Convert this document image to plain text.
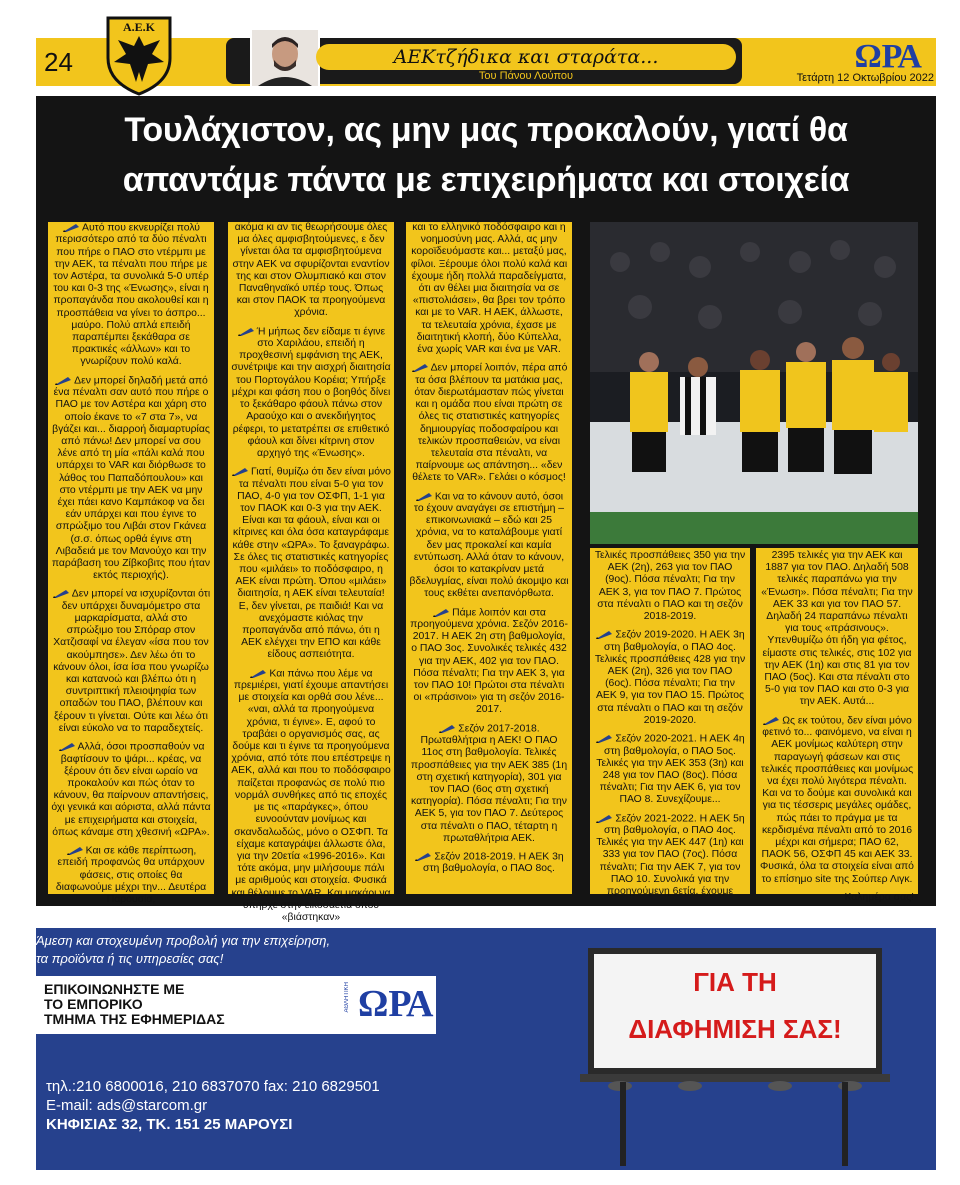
24
Α.Ε.Κ
ΑΕΚτζήδικα και σταράτα...
Του Πάνου Λούπου
ΩΡΑ
Τετάρτη 12 Οκτωβρίου 2022
Τουλάχιστον, ας μην μας προκαλούν, γιατί θα
απαντάμε πάντα με επιχειρήματα και στοιχεία

Αυτό που εκνευρίζει πολύ περισσότερο από τα δύο πέναλτι που πήρε ο ΠΑΟ στο ντέρμπι με την ΑΕΚ, τα πέναλτι που πήρε με τον Αστέρα, τα συνολικά 5-0 υπέρ του και 0-3 της «Ένωσης», είναι η προπαγάνδα που ακολουθεί και η προσπάθεια να γίνει το άσπρο... μαύρο. Πολύ απλά επειδή παραπέμπει ξεκάθαρα σε πρακτικές «άλλων» και το γνωρίζουν πολύ καλά.

Δεν μπορεί δηλαδή μετά από ένα πέναλτι σαν αυτό που πήρε ο ΠΑΟ με τον Αστέρα και χάρη στο οποίο έκανε το «7 στα 7», να βγάζει και... διαρροή διαμαρτυρίας από πάνω! Δεν μπορεί να σου λένε από τη μία «πάλι καλά που υπάρχει το VAR και διόρθωσε το λάθος του Παπαδόπουλου» και στο ντέρμπι με την ΑΕΚ να μην έχει πάει κανο Καμπάκοφ να δει εάν υπάρχει και που έγινε το σπρώξιμο του Λιβάι στον Γκάνεα (σ.σ. όπως ορθά έγινε στη Λιβαδειά με τον Μανούχο και την παράβαση του Ζίβκοβιτς που ήταν εκτός περιοχής).

Δεν μπορεί να ισχυρίζονται ότι δεν υπάρχει δυναμόμετρο στα μαρκαρίσματα, αλλά στο σπρώξιμο του Σπόραρ στον Χατζισαφί να έλεγαν «ίσα που τον ακούμπησε». Δεν λέω ότι το κάνουν όλοι, ίσα ίσα που γνωρίζω και κατανοώ και βλέπω ότι η συντριπτική πλειοψηφία των οπαδών του ΠΑΟ, βλέπουν και ξέρουν τι γίνεται. Ούτε και λέω ότι είναι εύκολο να το παραδεχτείς.

Αλλά, όσοι προσπαθούν να βαφτίσουν το ψάρι... κρέας, να ξέρουν ότι δεν είναι ωραίο να προκαλούν και πώς όταν το κάνουν, θα παίρνουν απαντήσεις, όχι γενικά και αόριστα, αλλά πάντα με επιχειρήματα και στοιχεία, όπως κάναμε στη χθεσινή «ΩΡΑ».

Και σε κάθε περίπτωση, επειδή προφανώς θα υπάρχουν φάσεις, στις οποίες θα διαφωνούμε μέχρι την... Δευτέρα Παρουσία,

ακόμα κι αν τις θεωρήσουμε όλες μα όλες αμφισβητούμενες, ε δεν γίνεται όλα τα αμφισβητούμενα στην ΑΕΚ να σφυρίζονται εναντίον της και στον Ολυμπιακό και στον Παναθηναϊκό υπέρ τους. Όπως και στον ΠΑΟΚ τα προηγούμενα χρόνια.

Ή μήπως δεν είδαμε τι έγινε στο Χαριλάου, επειδή η προχθεσινή εμφάνιση της ΑΕΚ, συνέτριψε και την αισχρή διαιτησία του Πορτογάλου Κορέια; Υπήρξε μέχρι και φάση που ο βοηθός δίνει το ξεκάθαρο φάουλ πάνω στον Αραούχο και ο ανεκδιήγητος ρέφερι, το μετατρέπει σε επιθετικό φάουλ και δίνει κίτρινη στον αρχηγό της «Ένωσης».

Γιατί, θυμίζω ότι δεν είναι μόνο τα πέναλτι που είναι 5-0 για τον ΠΑΟ, 4-0 για τον ΟΣΦΠ, 1-1 για τον ΠΑΟΚ και 0-3 για την ΑΕΚ. Είναι και τα φάουλ, είναι και οι κίτρινες και όλα όσα καταγράφαμε κάθε στην «ΩΡΑ». Το ξαναγράφω. Σε όλες τις στατιστικές κατηγορίες που «μιλάει» το ποδόσφαιρο, η ΑΕΚ είναι πρώτη. Όπου «μιλάει» διαιτησία, η ΑΕΚ είναι τελευταία! Ε, δεν γίνεται, ρε παιδιά! Και να ανεχόμαστε κιόλας την προπαγάνδα από πάνω, ότι η ΑΕΚ ελέγχει την ΕΠΟ και κάθε είδους ασπειότητα.

Και πάνω που λέμε να πρεμιέρει, γιατί έχουμε απαντήσει με στοιχεία και ορθά σου λένε... «ναι, αλλά τα προηγούμενα χρόνια, τι έγινε». Ε, αφού το τραβάει ο οργανισμός σας, ας δούμε και τι έγινε τα προηγούμενα χρόνια, από τότε που επέστρεψε η ΑΕΚ, αλλά και που το ποδόσφαιρο παίζεται προφανώς σε πολύ πιο νορμάλ συνθήκες από τις εποχές με τις «παράγκες», όπου ευνοούνταν μονίμως και σκανδαλωδώς, μόνο ο ΟΣΦΠ. Τα είχαμε καταγράψει άλλωστε όλα, για την 20ετία «1996-2016». Και τότε ακόμα, μην μιλήσουμε πάλι με αριθμούς και στοιχεία. Φυσικά και θέλουμε το VAR. Και μακάρι να υπήρχε στην εικοσαετία όπου «βιάστηκαν»

και το ελληνικό ποδόσφαιρο και η νοημοσύνη μας. Αλλά, ας μην κοροϊδευόμαστε και... μεταξύ μας, φίλοι. Ξέρουμε όλοι πολύ καλά και έχουμε ήδη πολλά παραδείγματα, ότι αν θέλει μια διαιτησία να σε «πιστολιάσει», θα βρει τον τρόπο και με το VAR. Η ΑΕΚ, άλλωστε, τα τελευταία χρόνια, έχασε με διαιτητική κλοπή, δύο Κύπελλα, ένα χωρίς VAR και ένα με VAR.

Δεν μπορεί λοιπόν, πέρα από τα όσα βλέπουν τα ματάκια μας, όταν διερωτάμασταν πώς γίνεται και η ομάδα που είναι πρώτη σε όλες τις στατιστικές κατηγορίες δημιουργίας ποδοσφαίρου και τελικών προσπαθειών, να είναι τελευταία στα πέναλτι, να παίρνουμε ως απάντηση... «δεν θέλετε το VAR». Γελάει ο κόσμος!

Και να το κάνουν αυτό, όσοι το έχουν αναγάγει σε επιστήμη – επικοινωνιακά – εδώ και 25 χρόνια, να το καταλάβουμε γιατί δεν μας προκαλεί και καμία εντύπωση. Αλλά όταν το κάνουν, όσοι το κατακρίναν μετά βδελυγμίας, είναι πολύ άκομψο και τους εκθέτει ανεπανόρθωτα.

Πάμε λοιπόν και στα προηγούμενα χρόνια. Σεζόν 2016-2017. Η ΑΕΚ 2η στη βαθμολογία, ο ΠΑΟ 3ος. Συνολικές τελικές 432 για την ΑΕΚ, 402 για τον ΠΑΟ. Πόσα πέναλτι; Για την ΑΕΚ 3, για τον ΠΑΟ 10! Πρώτοι στα πέναλτι οι «πράσινοι» για τη σεζόν 2016-2017.

Σεζόν 2017-2018. Πρωταθλήτρια η ΑΕΚ! Ο ΠΑΟ 11ος στη βαθμολογία. Τελικές προσπάθειες για την ΑΕΚ 385 (1η στη σχετική κατηγορία), 301 για τον ΠΑΟ (6ος στη σχετική κατηγορία). Πόσα πέναλτι; Για την ΑΕΚ 5, για τον ΠΑΟ 7. Δεύτερος στα πέναλτι ο ΠΑΟ, τέταρτη η πρωταθλήτρια ΑΕΚ.

Σεζόν 2018-2019. Η ΑΕΚ 3η στη βαθμολογία, ο ΠΑΟ 8ος.

Τελικές προσπάθειες 350 για την ΑΕΚ (2η), 263 για τον ΠΑΟ (9ος). Πόσα πέναλτι; Για την ΑΕΚ 3, για τον ΠΑΟ 7. Πρώτος στα πέναλτι ο ΠΑΟ και τη σεζόν 2018-2019.

Σεζόν 2019-2020. Η ΑΕΚ 3η στη βαθμολογία, ο ΠΑΟ 4ος. Τελικές προσπάθειες 428 για την ΑΕΚ (2η), 326 για τον ΠΑΟ (6ος). Πόσα πέναλτι; Για την ΑΕΚ 9, για τον ΠΑΟ 15. Πρώτος στα πέναλτι ο ΠΑΟ και τη σεζόν 2019-2020.

Σεζόν 2020-2021. Η ΑΕΚ 4η στη βαθμολογία, ο ΠΑΟ 5ος. Τελικές για την ΑΕΚ 353 (3η) και 248 για τον ΠΑΟ (8ος). Πόσα πέναλτι; Για την ΑΕΚ 6, για τον ΠΑΟ 8. Συνεχίζουμε...

Σεζόν 2021-2022. Η ΑΕΚ 5η στη βαθμολογία, ο ΠΑΟ 4ος. Τελικές για την ΑΕΚ 447 (1η) και 333 για τον ΠΑΟ (7ος). Πόσα πέναλτι; Για την ΑΕΚ 7, για τον ΠΑΟ 10. Συνολικά για την προηγούμενη 6ετία, έχουμε

2395 τελικές για την ΑΕΚ και 1887 για τον ΠΑΟ. Δηλαδή 508 τελικές παραπάνω για την «Ένωση». Πόσα πέναλτι; Για την ΑΕΚ 33 και για τον ΠΑΟ 57. Δηλαδή 24 παραπάνω πέναλτι για τους «πράσινους». Υπενθυμίζω ότι ήδη για φέτος, είμαστε στις τελικές, στις 102 για την ΑΕΚ (1η) και στις 81 για τον ΠΑΟ (5ος). Και στα πέναλτι στο 5-0 για τον ΠΑΟ και στο 0-3 για την ΑΕΚ. Αυτά...

Ως εκ τούτου, δεν είναι μόνο φετινό το... φαινόμενο, να είναι η ΑΕΚ μονίμως καλύτερη στην παραγωγή φάσεων και στις τελικές προσπάθειες και μονίμως να έχει πολύ λιγότερα πέναλτι. Και να το δούμε και συνολικά και για τις τέσσερις μεγάλες ομάδες, πώς πάει το πράγμα με τα κερδισμένα πέναλτι από το 2016 μέχρι και σήμερα; ΠΑΟ 62, ΠΑΟΚ 56, ΟΣΦΠ 45 και ΑΕΚ 33. Φυσικά, όλα τα στοιχεία είναι από το επίσημο site της Σούπερ Λιγκ.

Καλημέρα σας!

Άμεση και στοχευμένη προβολή για την επιχείρηση,
τα προϊόντα ή τις υπηρεσίες σας!
ΕΠΙΚΟΙΝΩΝΗΣΤΕ ΜΕ
ΤΟ ΕΜΠΟΡΙΚΟ
ΤΜΗΜΑ ΤΗΣ ΕΦΗΜΕΡΙΔΑΣ
ΑΘΛΗΤΙΚΗ ΩΡΑ
τηλ.:210 6800016, 210 6837070 fax: 210 6829501
E-mail: ads@starcom.gr
ΚΗΦΙΣΙΑΣ 32, ΤΚ. 151 25 ΜΑΡΟΥΣΙ
ΓΙΑ ΤΗ
ΔΙΑΦΗΜΙΣΗ ΣΑΣ!
